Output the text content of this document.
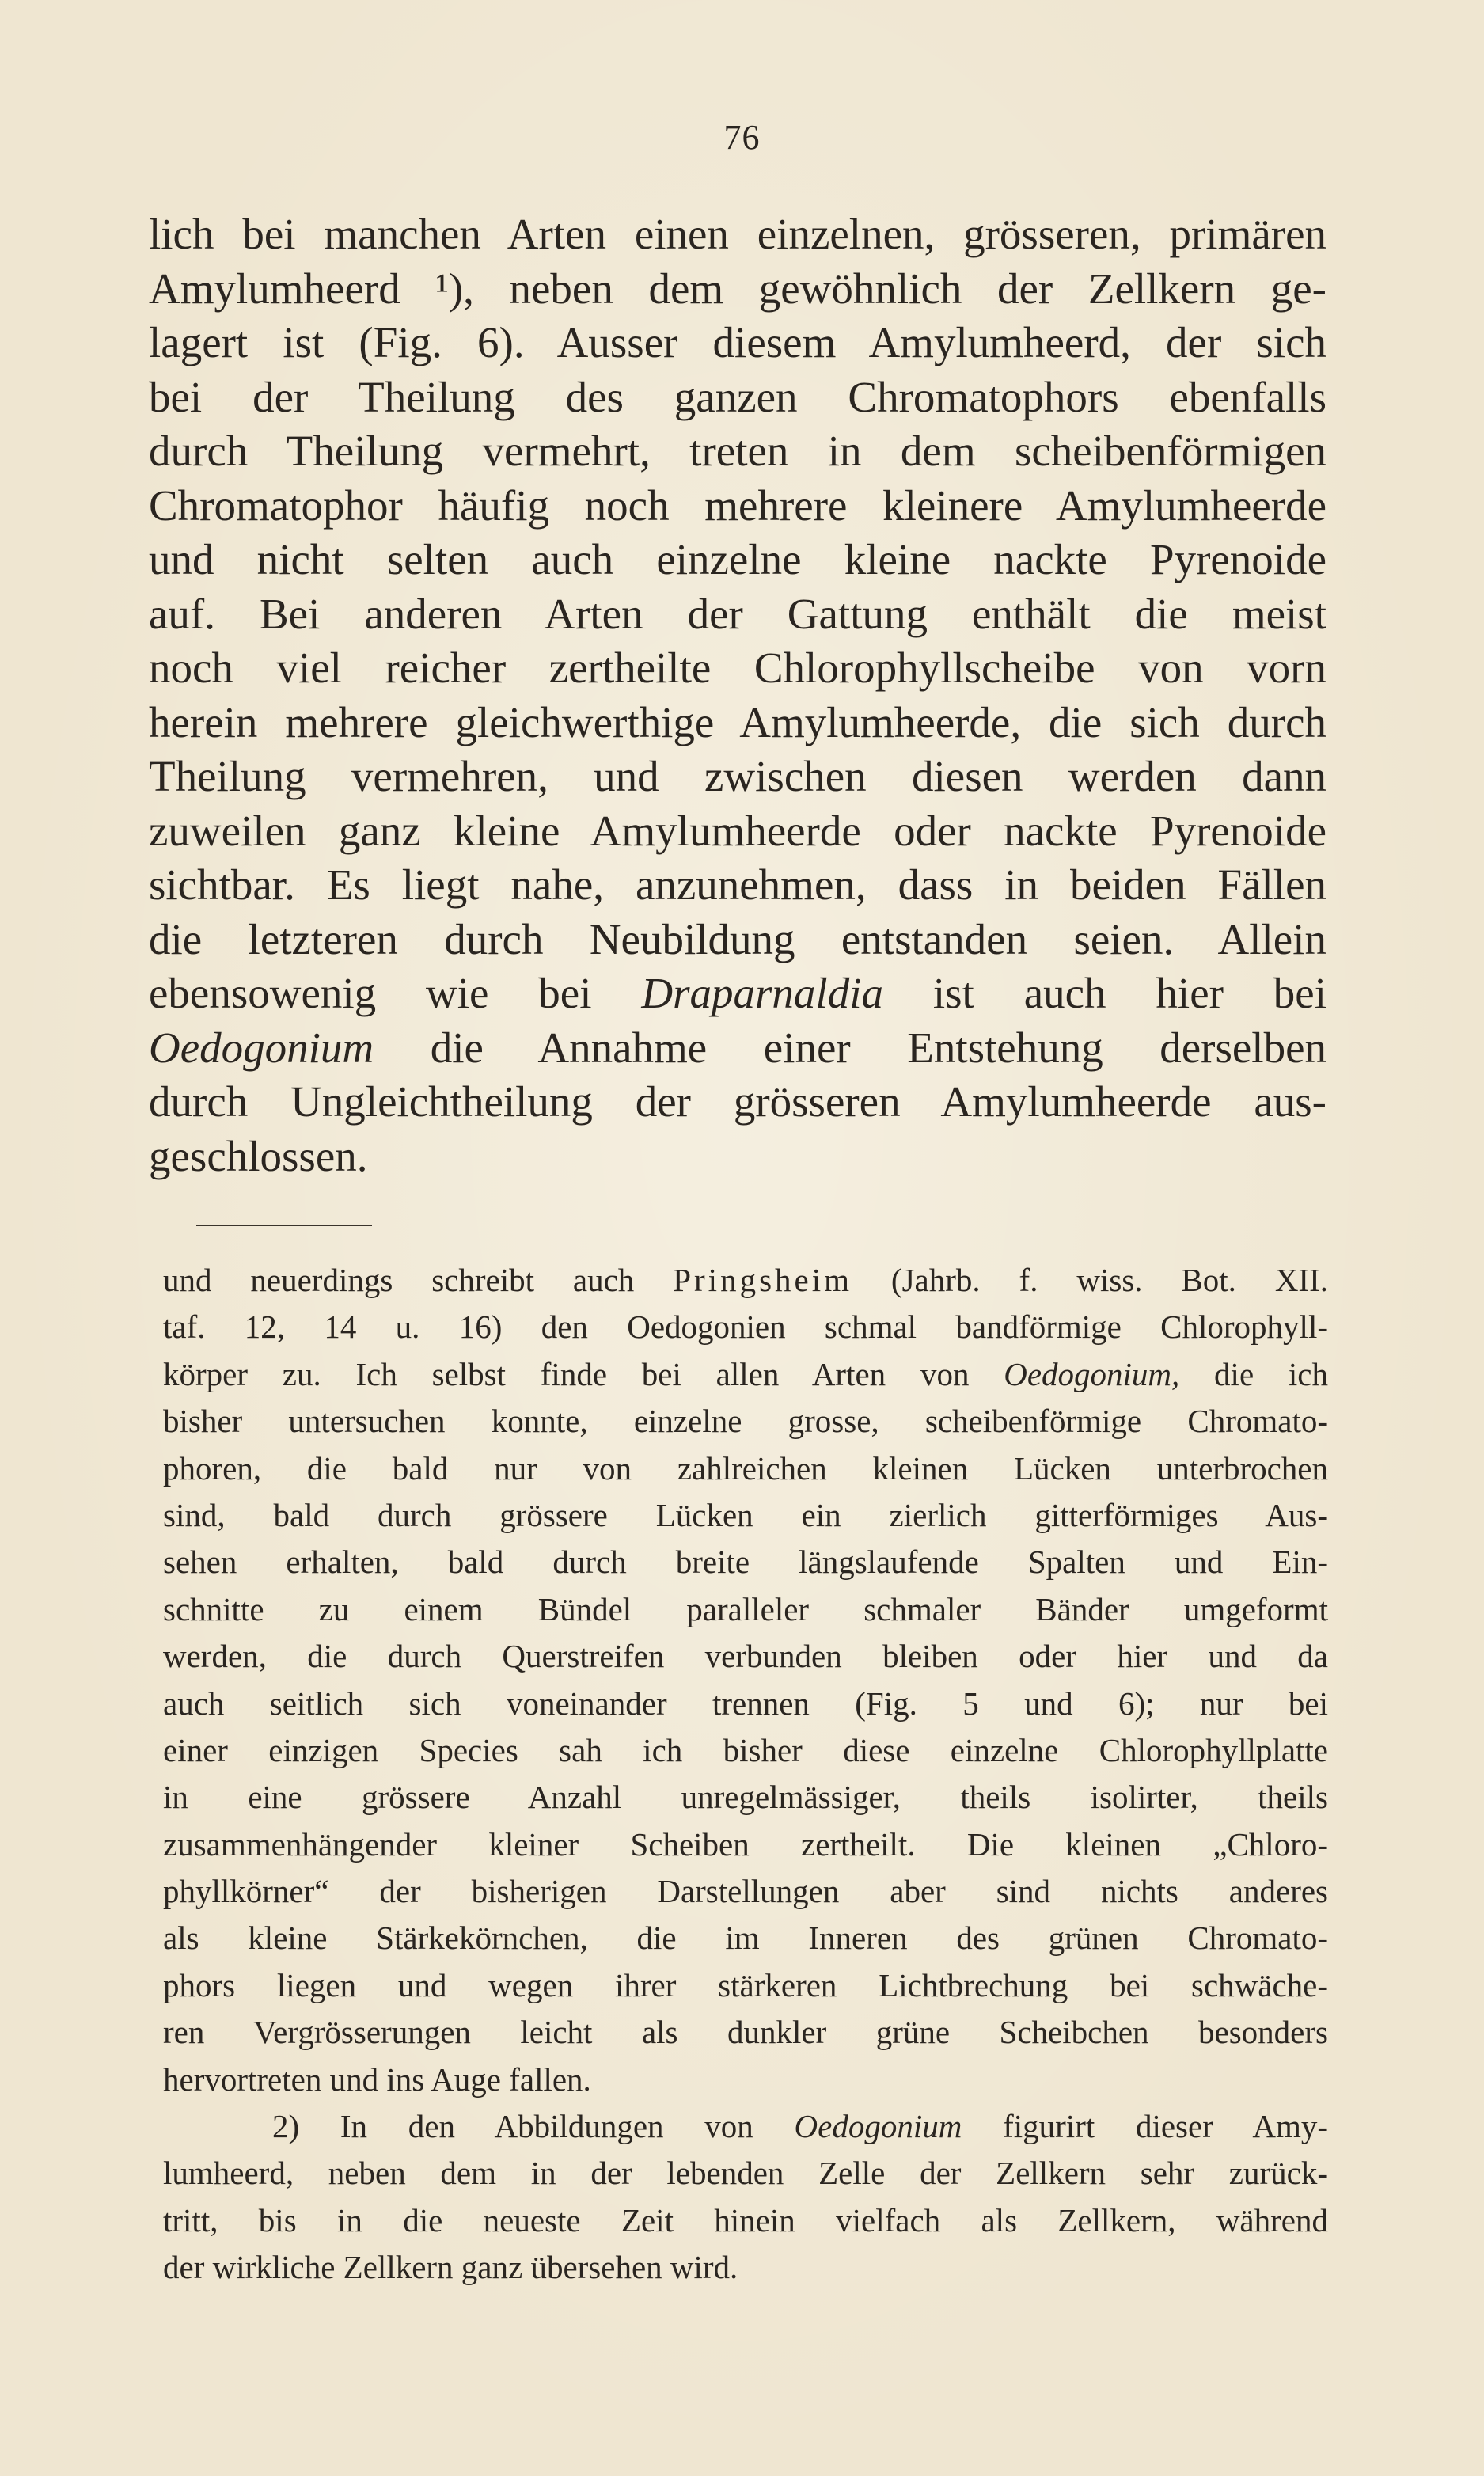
76
lich bei manchen Arten einen einzelnen, grösseren, primären
Amylumheerd ¹), neben dem gewöhnlich der Zellkern ge-
lagert ist (Fig. 6). Ausser diesem Amylumheerd, der sich
bei der Theilung des ganzen Chromatophors ebenfalls
durch Theilung vermehrt, treten in dem scheibenförmigen
Chromatophor häufig noch mehrere kleinere Amylumheerde
und nicht selten auch einzelne kleine nackte Pyrenoide
auf. Bei anderen Arten der Gattung enthält die meist
noch viel reicher zertheilte Chlorophyllscheibe von vorn
herein mehrere gleichwerthige Amylumheerde, die sich durch
Theilung vermehren, und zwischen diesen werden dann
zuweilen ganz kleine Amylumheerde oder nackte Pyrenoide
sichtbar. Es liegt nahe, anzunehmen, dass in beiden Fällen
die letzteren durch Neubildung entstanden seien. Allein
ebensowenig wie bei Draparnaldia ist auch hier bei
Oedogonium die Annahme einer Entstehung derselben
durch Ungleichtheilung der grösseren Amylumheerde aus-
geschlossen.
und neuerdings schreibt auch Pringsheim (Jahrb. f. wiss. Bot. XII.
taf. 12, 14 u. 16) den Oedogonien schmal bandförmige Chlorophyll-
körper zu. Ich selbst finde bei allen Arten von Oedogonium, die ich
bisher untersuchen konnte, einzelne grosse, scheibenförmige Chromato-
phoren, die bald nur von zahlreichen kleinen Lücken unterbrochen
sind, bald durch grössere Lücken ein zierlich gitterförmiges Aus-
sehen erhalten, bald durch breite längslaufende Spalten und Ein-
schnitte zu einem Bündel paralleler schmaler Bänder umgeformt
werden, die durch Querstreifen verbunden bleiben oder hier und da
auch seitlich sich voneinander trennen (Fig. 5 und 6); nur bei
einer einzigen Species sah ich bisher diese einzelne Chlorophyllplatte
in eine grössere Anzahl unregelmässiger, theils isolirter, theils
zusammenhängender kleiner Scheiben zertheilt. Die kleinen „Chloro-
phyllkörner“ der bisherigen Darstellungen aber sind nichts anderes
als kleine Stärkekörnchen, die im Inneren des grünen Chromato-
phors liegen und wegen ihrer stärkeren Lichtbrechung bei schwäche-
ren Vergrösserungen leicht als dunkler grüne Scheibchen besonders
hervortreten und ins Auge fallen.
2) In den Abbildungen von Oedogonium figurirt dieser Amy-
lumheerd, neben dem in der lebenden Zelle der Zellkern sehr zurück-
tritt, bis in die neueste Zeit hinein vielfach als Zellkern, während
der wirkliche Zellkern ganz übersehen wird.
